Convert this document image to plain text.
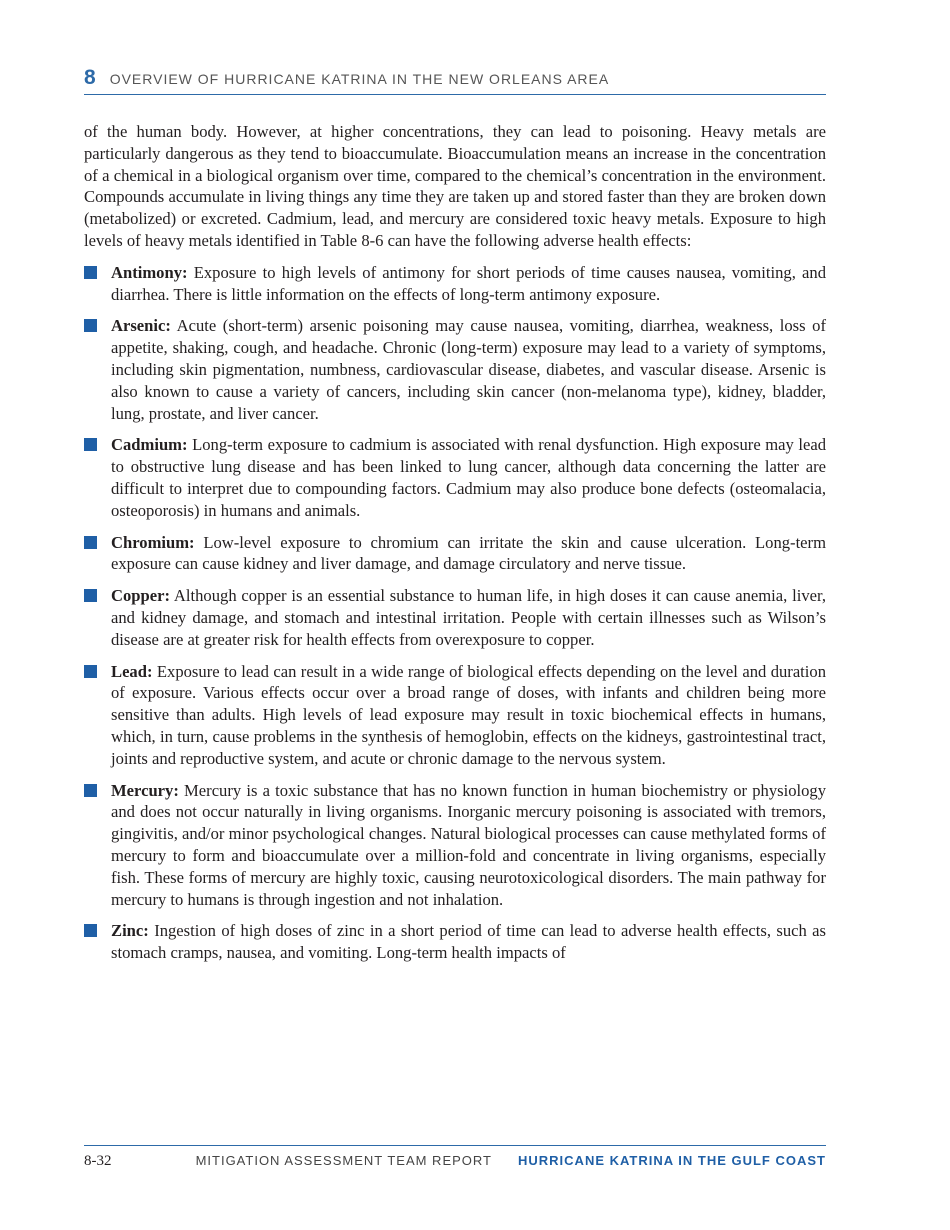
8 OVERVIEW OF HURRICANE KATRINA IN THE NEW ORLEANS AREA

of the human body. However, at higher concentrations, they can lead to poisoning. Heavy metals are particularly dangerous as they tend to bioaccumulate. Bioaccumulation means an increase in the concentration of a chemical in a biological organism over time, compared to the chemical’s concentration in the environment. Compounds accumulate in living things any time they are taken up and stored faster than they are broken down (metabolized) or excreted. Cadmium, lead, and mercury are considered toxic heavy metals. Exposure to high levels of heavy metals identified in Table 8-6 can have the following adverse health effects:

Antimony: Exposure to high levels of antimony for short periods of time causes nausea, vomiting, and diarrhea. There is little information on the effects of long-term antimony exposure.
Arsenic: Acute (short-term) arsenic poisoning may cause nausea, vomiting, diarrhea, weakness, loss of appetite, shaking, cough, and headache. Chronic (long-term) exposure may lead to a variety of symptoms, including skin pigmentation, numbness, cardiovascular disease, diabetes, and vascular disease. Arsenic is also known to cause a variety of cancers, including skin cancer (non-melanoma type), kidney, bladder, lung, prostate, and liver cancer.
Cadmium: Long-term exposure to cadmium is associated with renal dysfunction. High exposure may lead to obstructive lung disease and has been linked to lung cancer, although data concerning the latter are difficult to interpret due to compounding factors. Cadmium may also produce bone defects (osteomalacia, osteoporosis) in humans and animals.
Chromium: Low-level exposure to chromium can irritate the skin and cause ulceration. Long-term exposure can cause kidney and liver damage, and damage circulatory and nerve tissue.
Copper: Although copper is an essential substance to human life, in high doses it can cause anemia, liver, and kidney damage, and stomach and intestinal irritation. People with certain illnesses such as Wilson’s disease are at greater risk for health effects from overexposure to copper.
Lead: Exposure to lead can result in a wide range of biological effects depending on the level and duration of exposure. Various effects occur over a broad range of doses, with infants and children being more sensitive than adults. High levels of lead exposure may result in toxic biochemical effects in humans, which, in turn, cause problems in the synthesis of hemoglobin, effects on the kidneys, gastrointestinal tract, joints and reproductive system, and acute or chronic damage to the nervous system.
Mercury: Mercury is a toxic substance that has no known function in human biochemistry or physiology and does not occur naturally in living organisms. Inorganic mercury poisoning is associated with tremors, gingivitis, and/or minor psychological changes. Natural biological processes can cause methylated forms of mercury to form and bioaccumulate over a million-fold and concentrate in living organisms, especially fish. These forms of mercury are highly toxic, causing neurotoxicological disorders. The main pathway for mercury to humans is through ingestion and not inhalation.
Zinc: Ingestion of high doses of zinc in a short period of time can lead to adverse health effects, such as stomach cramps, nausea, and vomiting. Long-term health impacts of
8-32	MITIGATION ASSESSMENT TEAM REPORT HURRICANE KATRINA IN THE GULF COAST
